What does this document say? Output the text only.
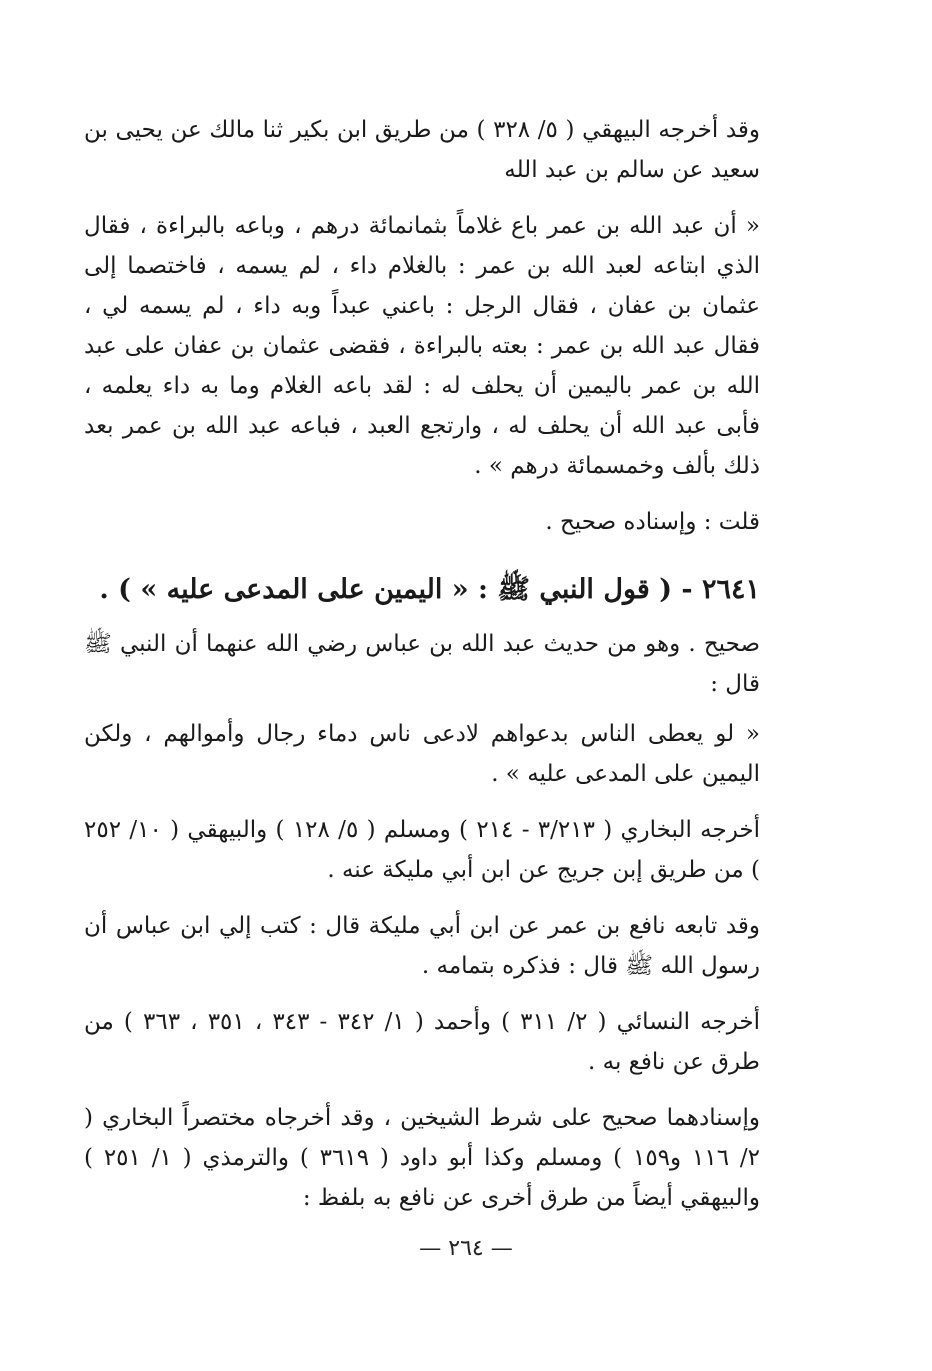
وقد أخرجه البيهقي ( ٥/ ٣٢٨ ) من طريق ابن بكير ثنا مالك عن يحيى بن سعيد عن سالم بن عبد الله

« أن عبد الله بن عمر باع غلاماً بثمانمائة درهم ، وباعه بالبراءة ، فقال الذي ابتاعه لعبد الله بن عمر : بالغلام داء ، لم يسمه ، فاختصما إلى عثمان بن عفان ، فقال الرجل : باعني عبداً وبه داء ، لم يسمه لي ، فقال عبد الله بن عمر : بعته بالبراءة ، فقضى عثمان بن عفان على عبد الله بن عمر باليمين أن يحلف له : لقد باعه الغلام وما به داء يعلمه ، فأبى عبد الله أن يحلف له ، وارتجع العبد ، فباعه عبد الله بن عمر بعد ذلك بألف وخمسمائة درهم » .

قلت : وإسناده صحيح .

٢٦٤١ - ( قول النبي ﷺ : « اليمين على المدعى عليه » ) .

صحيح . وهو من حديث عبد الله بن عباس رضي الله عنهما أن النبي ﷺ قال :

« لو يعطى الناس بدعواهم لادعى ناس دماء رجال وأموالهم ، ولكن اليمين على المدعى عليه » .

أخرجه البخاري ( ٣/٢١٣ - ٢١٤ ) ومسلم ( ٥/ ١٢٨ ) والبيهقي ( ١٠/ ٢٥٢ ) من طريق إبن جريج عن ابن أبي مليكة عنه .

وقد تابعه نافع بن عمر عن ابن أبي مليكة قال : كتب إلي ابن عباس أن رسول الله ﷺ قال : فذكره بتمامه .

أخرجه النسائي ( ٢/ ٣١١ ) وأحمد ( ١/ ٣٤٢ - ٣٤٣ ، ٣٥١ ، ٣٦٣ ) من طرق عن نافع به .

وإسنادهما صحيح على شرط الشيخين ، وقد أخرجاه مختصراً البخاري ( ٢/ ١١٦ و١٥٩ ) ومسلم وكذا أبو داود ( ٣٦١٩ ) والترمذي ( ١/ ٢٥١ ) والبيهقي أيضاً من طرق أخرى عن نافع به بلفظ :

— ٢٦٤ —
